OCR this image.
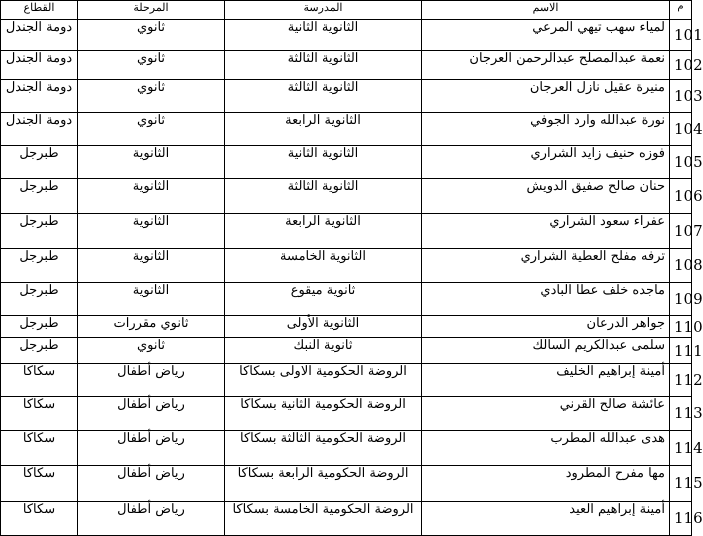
القطاع	المرحلة	المدرسة	الاسم	م
دومة الجندل	ثانوي	الثانوية الثانية	لمياء سهب تيهي المرعي	101
دومة الجندل	ثانوي	الثانوية الثالثة	نعمة عبدالمصلح عبدالرحمن العرجان	102
دومة الجندل	ثانوي	الثانوية الثالثة	منيرة عقيل نازل العرجان	103
دومة الجندل	ثانوي	الثانوية الرابعة	نورة عبدالله وارد الجوفي	104
طبرجل	الثانوية	الثانوية الثانية	فوزه حنيف زايد الشراري	105
طبرجل	الثانوية	الثانوية الثالثة	حنان صالح صفيق الدويش	106
طبرجل	الثانوية	الثانوية الرابعة	عفراء سعود الشراري	107
طبرجل	الثانوية	الثانوية الخامسة	ترفه مفلح العطية الشراري	108
طبرجل	الثانوية	ثانوية ميقوع	ماجده خلف عطا البادي	109
طبرجل	ثانوي مقررات	الثانوية الأولى	جواهر الدرعان	110
طبرجل	ثانوي	ثانوية النبك	سلمى عبدالكريم السالك	111
سكاكا	رياض أطفال	الروضة الحكومية الاولى بسكاكا	أمينة إبراهيم الخليف	112
سكاكا	رياض أطفال	الروضة الحكومية الثانية بسكاكا	عائشة صالح القرني	113
سكاكا	رياض أطفال	الروضة الحكومية الثالثة بسكاكا	هدى عبدالله المطرب	114
سكاكا	رياض أطفال	الروضة الحكومية الرابعة بسكاكا	مها مفرح المطرود	115
سكاكا	رياض أطفال	الروضة الحكومية الخامسة بسكاكا	أمينة إبراهيم العيد	116
